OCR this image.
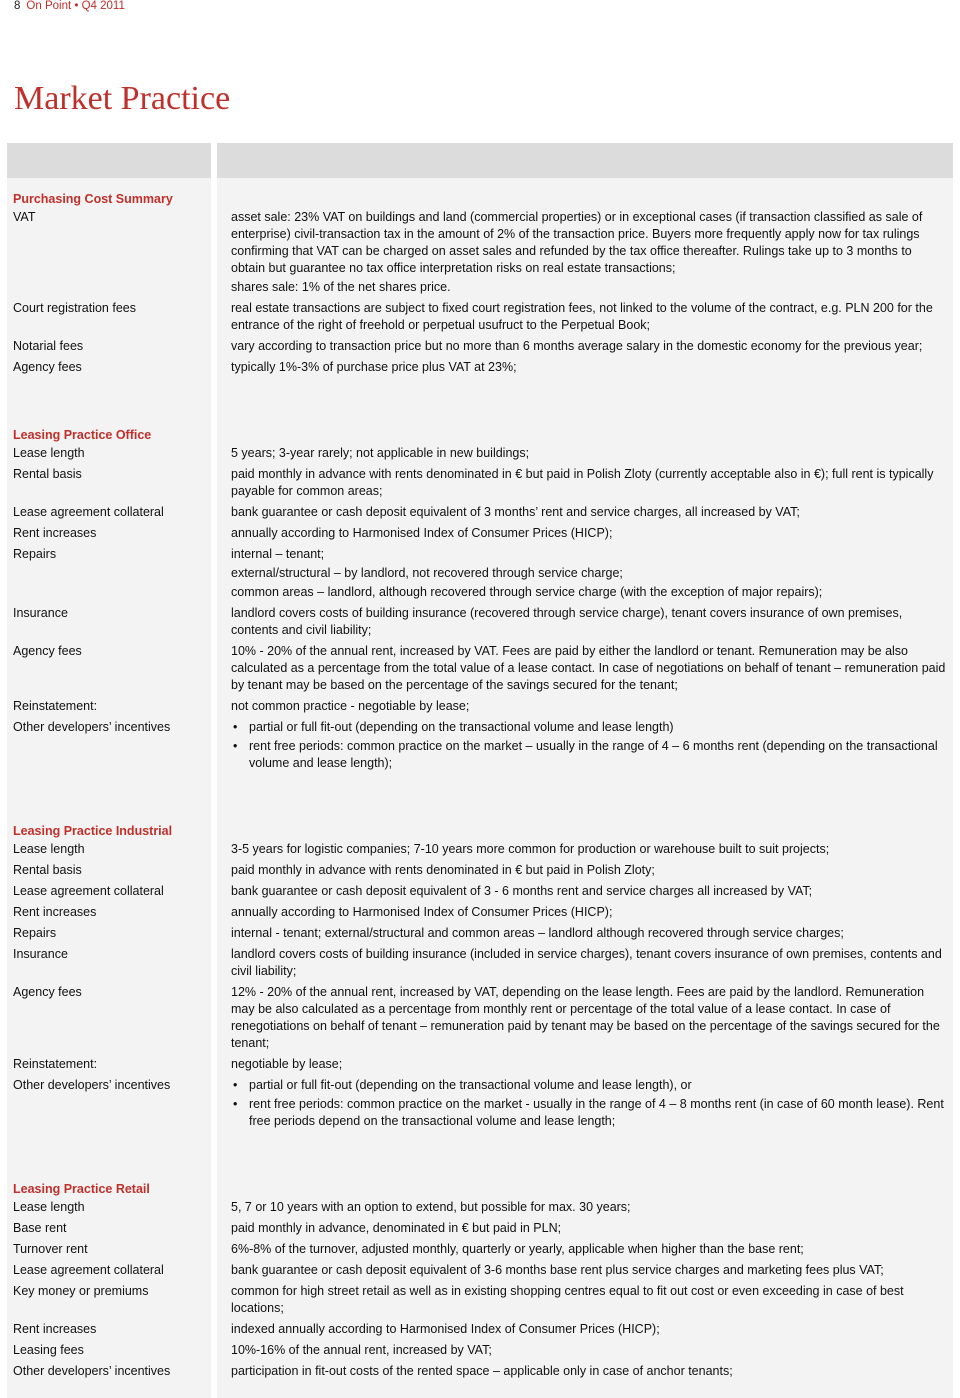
8 On Point • Q4 2011
Market Practice
Purchasing Cost Summary
VAT	asset sale: 23% VAT on buildings and land (commercial properties) or in exceptional cases (if transaction classified as sale of enterprise) civil-transaction tax in the amount of 2% of the transaction price. Buyers more frequently apply now for tax rulings confirming that VAT can be charged on asset sales and refunded by the tax office thereafter. Rulings take up to 3 months to obtain but guarantee no tax office interpretation risks on real estate transactions;
shares sale: 1% of the net shares price.
Court registration fees	real estate transactions are subject to fixed court registration fees, not linked to the volume of the contract, e.g. PLN 200 for the entrance of the right of freehold or perpetual usufruct to the Perpetual Book;
Notarial fees	vary according to transaction price but no more than 6 months average salary in the domestic economy for the previous year;
Agency fees	typically 1%-3% of purchase price plus VAT at 23%;
Leasing Practice Office
Lease length	5 years; 3-year rarely; not applicable in new buildings;
Rental basis	paid monthly in advance with rents denominated in € but paid in Polish Zloty (currently acceptable also in €); full rent is typically payable for common areas;
Lease agreement collateral	bank guarantee or cash deposit equivalent of 3 months’ rent and service charges, all increased by VAT;
Rent increases	annually according to Harmonised Index of Consumer Prices (HICP);
Repairs	internal – tenant;
external/structural – by landlord, not recovered through service charge;
common areas – landlord, although recovered through service charge (with the exception of major repairs);
Insurance	landlord covers costs of building insurance (recovered through service charge), tenant covers insurance of own premises, contents and civil liability;
Agency fees	10% - 20% of the annual rent, increased by VAT. Fees are paid by either the landlord or tenant. Remuneration may be also calculated as a percentage from the total value of a lease contact. In case of negotiations on behalf of tenant – remuneration paid by tenant may be based on the percentage of the savings secured for the tenant;
Reinstatement:	not common practice - negotiable by lease;
Other developers’ incentives	• partial or full fit-out (depending on the transactional volume and lease length)
• rent free periods: common practice on the market – usually in the range of 4 – 6 months rent (depending on the transactional volume and lease length);
Leasing Practice Industrial
Lease length	3-5 years for logistic companies; 7-10 years more common for production or warehouse built to suit projects;
Rental basis	paid monthly in advance with rents denominated in € but paid in Polish Zloty;
Lease agreement collateral	bank guarantee or cash deposit equivalent of 3 - 6 months rent and service charges all increased by VAT;
Rent increases	annually according to Harmonised Index of Consumer Prices (HICP);
Repairs	internal - tenant; external/structural and common areas – landlord although recovered through service charges;
Insurance	landlord covers costs of building insurance (included in service charges), tenant covers insurance of own premises, contents and civil liability;
Agency fees	12% - 20% of the annual rent, increased by VAT, depending on the lease length. Fees are paid by the landlord. Remuneration may be also calculated as a percentage from monthly rent or percentage of the total value of a lease contact. In case of renegotiations on behalf of tenant – remuneration paid by tenant may be based on the percentage of the savings secured for the tenant;
Reinstatement:	negotiable by lease;
Other developers’ incentives	• partial or full fit-out (depending on the transactional volume and lease length), or
• rent free periods: common practice on the market - usually in the range of 4 – 8 months rent (in case of 60 month lease). Rent free periods depend on the transactional volume and lease length;
Leasing Practice Retail
Lease length	5, 7 or 10 years with an option to extend, but possible for max. 30 years;
Base rent	paid monthly in advance, denominated in € but paid in PLN;
Turnover rent	6%-8% of the turnover, adjusted monthly, quarterly or yearly, applicable when higher than the base rent;
Lease agreement collateral	bank guarantee or cash deposit equivalent of 3-6 months base rent plus service charges and marketing fees plus VAT;
Key money or premiums	common for high street retail as well as in existing shopping centres equal to fit out cost or even exceeding in case of best locations;
Rent increases	indexed annually according to Harmonised Index of Consumer Prices (HICP);
Leasing fees	10%-16% of the annual rent, increased by VAT;
Other developers’ incentives	participation in fit-out costs of the rented space – applicable only in case of anchor tenants;
